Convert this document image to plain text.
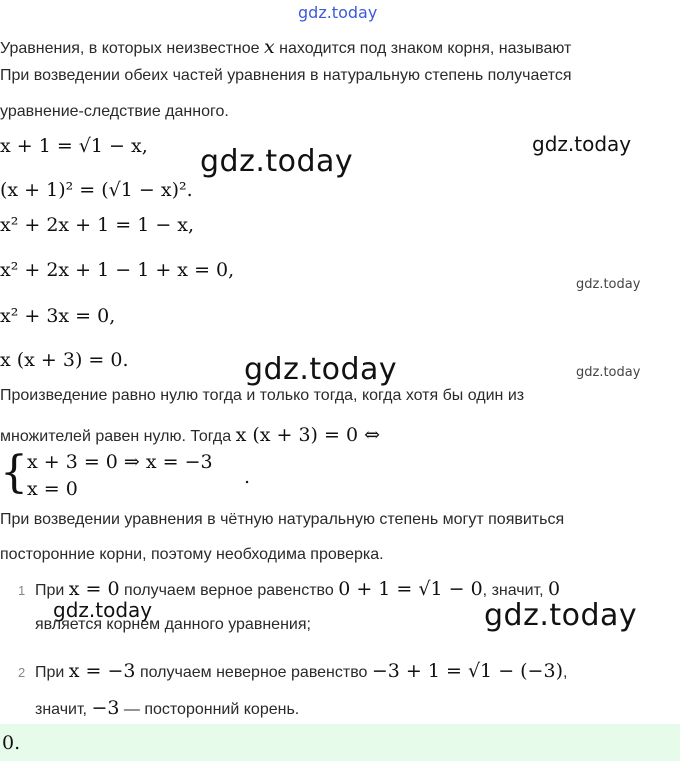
gdz.today
gdz.today
gdz.today
gdz.today
gdz.today	gdz.today
gdz.today	gdz.today
Уравнения, в которых неизвестное x находится под знаком корня, называют
При возведении обеих частей уравнения в натуральную степень получается
уравнение-следствие данного.
x + 1 = √1 − x,
(x + 1)² = (√1 − x)².
x² + 2x + 1 = 1 − x,
x² + 2x + 1 − 1 + x = 0,
x² + 3x = 0,
x (x + 3) = 0.
Произведение равно нулю тогда и только тогда, когда хотя бы один из
множителей равен нулю. Тогда x (x + 3) = 0 ⇔
{ x + 3 = 0 ⇒ x = −3
x = 0
.
При возведении уравнения в чётную натуральную степень могут появиться
посторонние корни, поэтому необходима проверка.
1 При x = 0 получаем верное равенство 0 + 1 = √1 − 0, значит, 0
является корнем данного уравнения;
2 При x = −3 получаем неверное равенство −3 + 1 = √1 − (−3),
значит, −3 — посторонний корень.
0.
